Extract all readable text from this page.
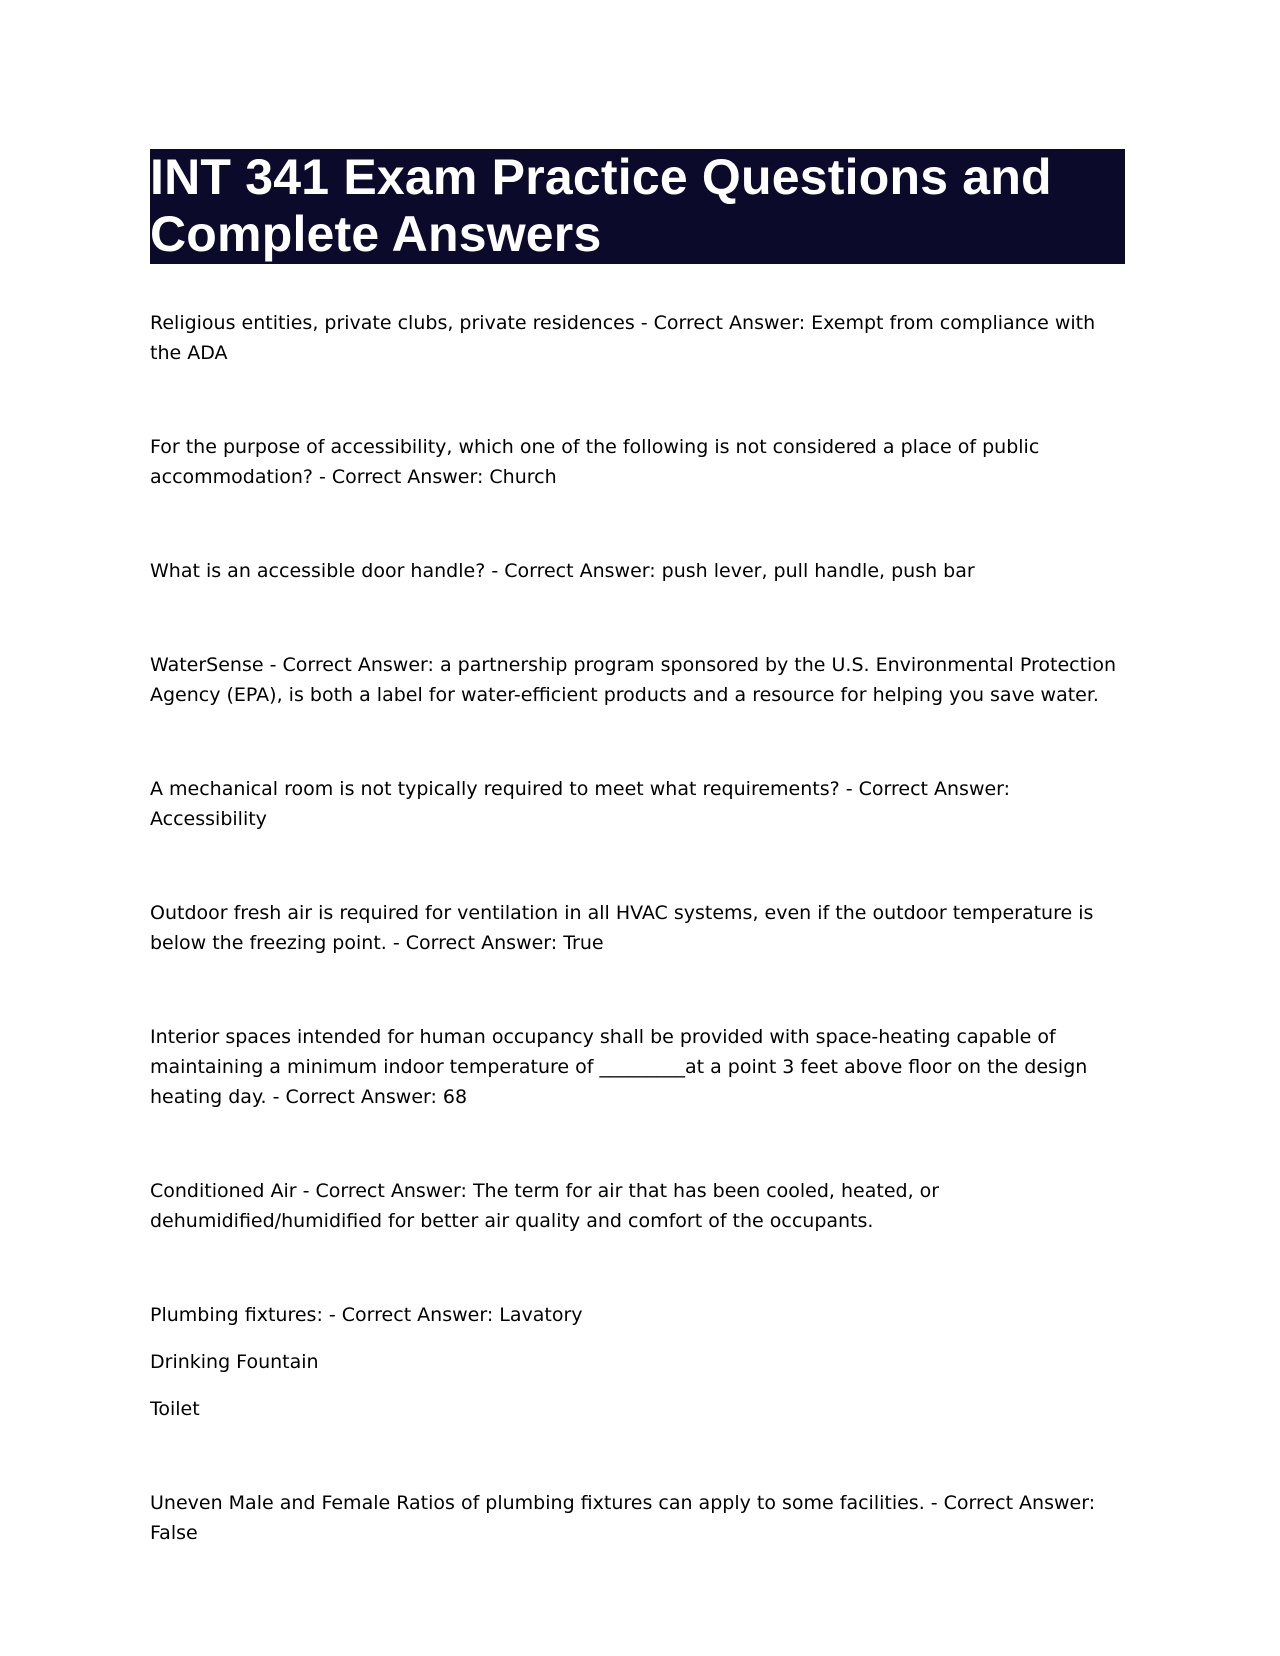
INT 341 Exam Practice Questions and Complete Answers

Religious entities, private clubs, private residences - Correct Answer: Exempt from compliance with the ADA

For the purpose of accessibility, which one of the following is not considered a place of public accommodation? - Correct Answer: Church

What is an accessible door handle? - Correct Answer: push lever, pull handle, push bar

WaterSense - Correct Answer: a partnership program sponsored by the U.S. Environmental Protection Agency (EPA), is both a label for water-efficient products and a resource for helping you save water.

A mechanical room is not typically required to meet what requirements? - Correct Answer: Accessibility

Outdoor fresh air is required for ventilation in all HVAC systems, even if the outdoor temperature is below the freezing point. - Correct Answer: True

Interior spaces intended for human occupancy shall be provided with space-heating capable of maintaining a minimum indoor temperature of _________at a point 3 feet above floor on the design heating day. - Correct Answer: 68

Conditioned Air - Correct Answer: The term for air that has been cooled, heated, or dehumidified/humidified for better air quality and comfort of the occupants.

Plumbing fixtures: - Correct Answer: Lavatory

Drinking Fountain

Toilet

Uneven Male and Female Ratios of plumbing fixtures can apply to some facilities. - Correct Answer: False
